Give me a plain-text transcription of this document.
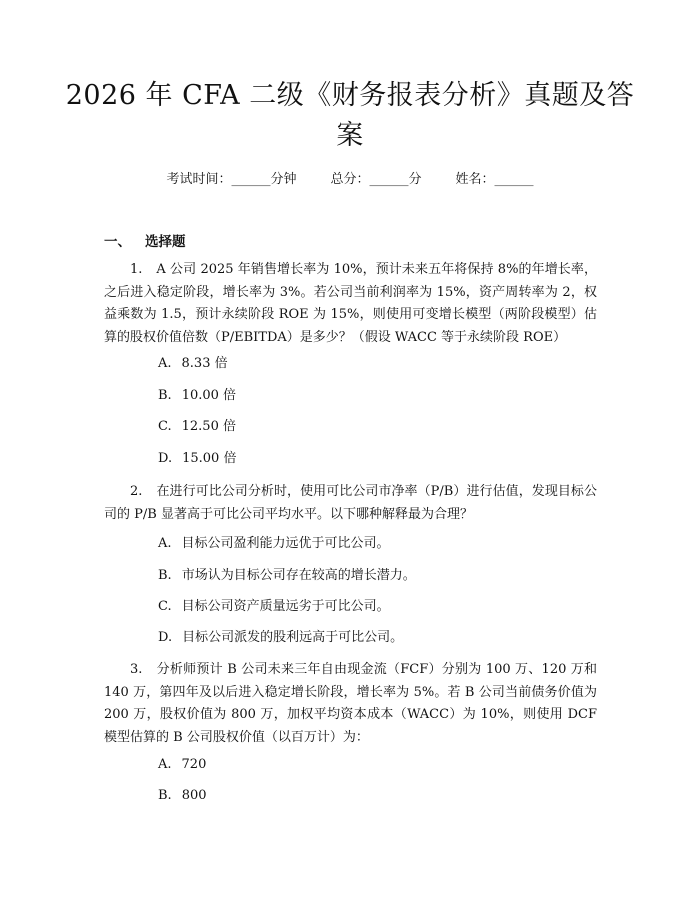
2026 年 CFA 二级《财务报表分析》真题及答案
考试时间：______分钟	总分：______分	姓名：______
一、 选择题

1. A 公司 2025 年销售增长率为 10%，预计未来五年将保持 8%的年增长率，之后进入稳定阶段，增长率为 3%。若公司当前利润率为 15%，资产周转率为 2，权益乘数为 1.5，预计永续阶段 ROE 为 15%，则使用可变增长模型（两阶段模型）估算的股权价值倍数（P/EBITDA）是多少？（假设 WACC 等于永续阶段 ROE）

A. 8.33 倍
B. 10.00 倍
C. 12.50 倍
D. 15.00 倍

2. 在进行可比公司分析时，使用可比公司市净率（P/B）进行估值，发现目标公司的 P/B 显著高于可比公司平均水平。以下哪种解释最为合理？

A. 目标公司盈利能力远优于可比公司。
B. 市场认为目标公司存在较高的增长潜力。
C. 目标公司资产质量远劣于可比公司。
D. 目标公司派发的股利远高于可比公司。

3. 分析师预计 B 公司未来三年自由现金流（FCF）分别为 100 万、120 万和 140 万，第四年及以后进入稳定增长阶段，增长率为 5%。若 B 公司当前债务价值为 200 万，股权价值为 800 万，加权平均资本成本（WACC）为 10%，则使用 DCF 模型估算的 B 公司股权价值（以百万计）为：

A. 720
B. 800
